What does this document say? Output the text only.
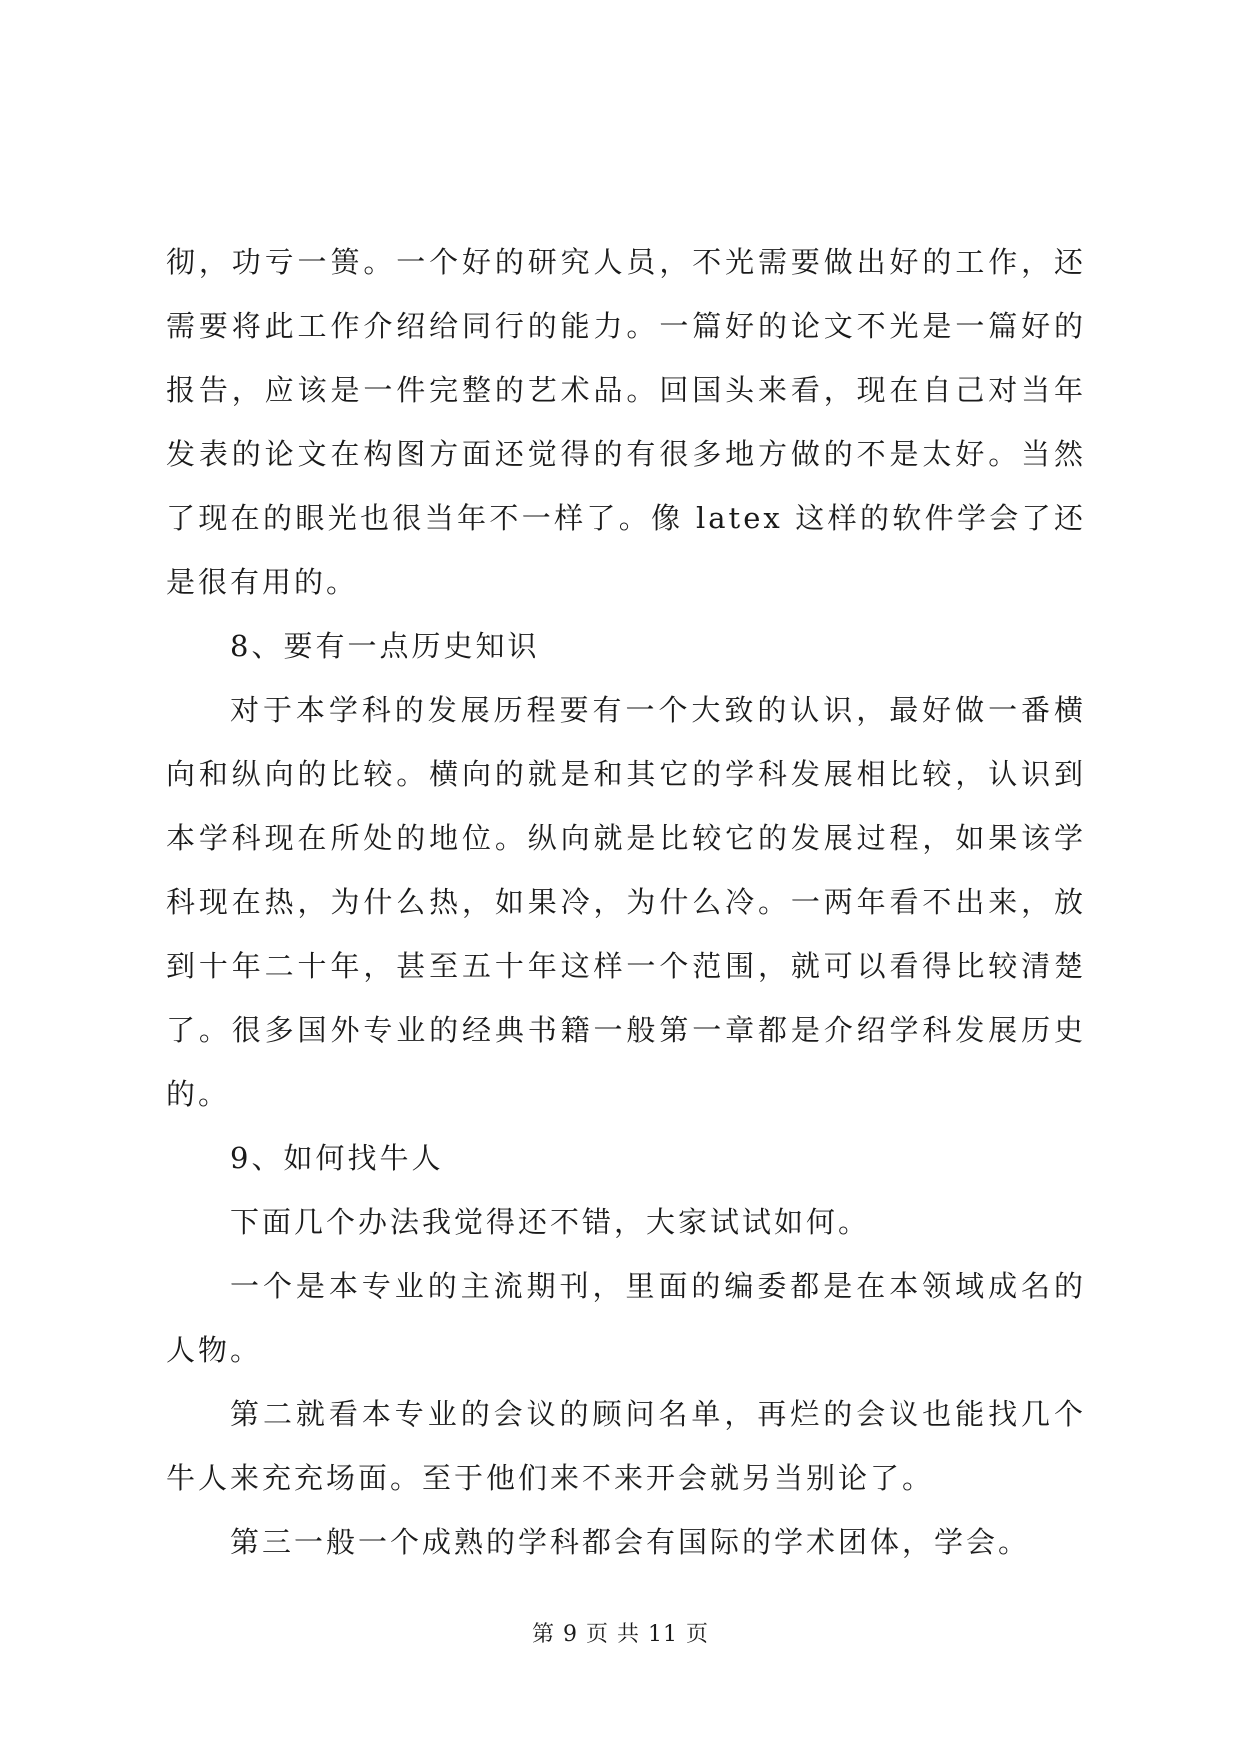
彻，功亏一篑。一个好的研究人员，不光需要做出好的工作，还需要将此工作介绍给同行的能力。一篇好的论文不光是一篇好的报告，应该是一件完整的艺术品。回国头来看，现在自己对当年发表的论文在构图方面还觉得的有很多地方做的不是太好。当然了现在的眼光也很当年不一样了。像 latex 这样的软件学会了还是很有用的。

8、要有一点历史知识

对于本学科的发展历程要有一个大致的认识，最好做一番横向和纵向的比较。横向的就是和其它的学科发展相比较，认识到本学科现在所处的地位。纵向就是比较它的发展过程，如果该学科现在热，为什么热，如果冷，为什么冷。一两年看不出来，放到十年二十年，甚至五十年这样一个范围，就可以看得比较清楚了。很多国外专业的经典书籍一般第一章都是介绍学科发展历史的。

9、如何找牛人

下面几个办法我觉得还不错，大家试试如何。

一个是本专业的主流期刊，里面的编委都是在本领域成名的人物。

第二就看本专业的会议的顾问名单，再烂的会议也能找几个牛人来充充场面。至于他们来不来开会就另当别论了。

第三一般一个成熟的学科都会有国际的学术团体，学会。

第 9 页 共 11 页
